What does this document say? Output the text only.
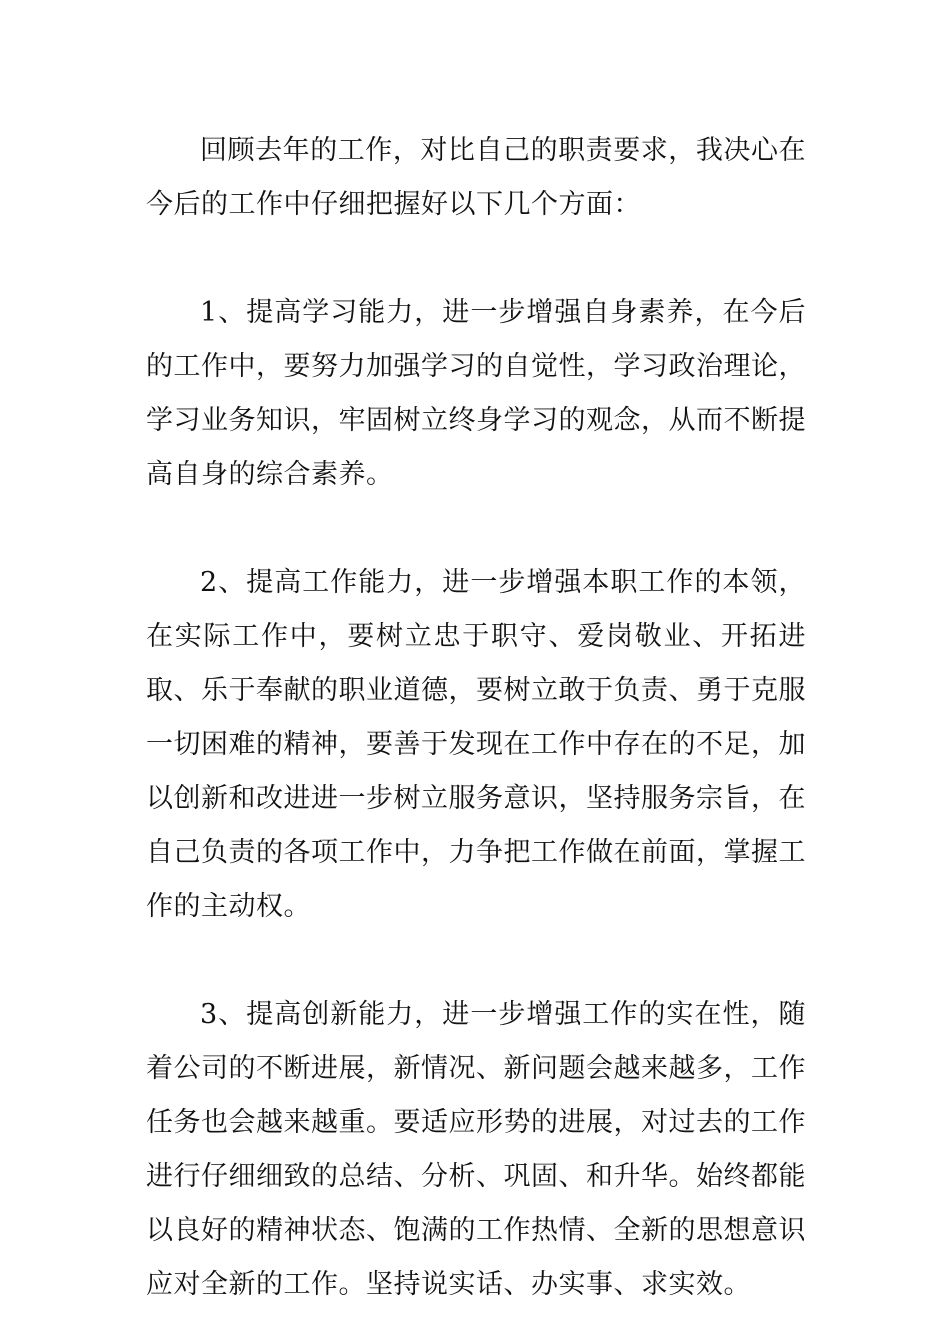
回顾去年的工作，对比自己的职责要求，我决心在今后的工作中仔细把握好以下几个方面：

1、提高学习能力，进一步增强自身素养，在今后的工作中，要努力加强学习的自觉性，学习政治理论，学习业务知识，牢固树立终身学习的观念，从而不断提高自身的综合素养。

2、提高工作能力，进一步增强本职工作的本领，在实际工作中，要树立忠于职守、爱岗敬业、开拓进取、乐于奉献的职业道德，要树立敢于负责、勇于克服一切困难的精神，要善于发现在工作中存在的不足，加以创新和改进进一步树立服务意识，坚持服务宗旨，在自己负责的各项工作中，力争把工作做在前面，掌握工作的主动权。

3、提高创新能力，进一步增强工作的实在性，随着公司的不断进展，新情况、新问题会越来越多，工作任务也会越来越重。要适应形势的进展，对过去的工作进行仔细细致的总结、分析、巩固、和升华。始终都能以良好的精神状态、饱满的工作热情、全新的思想意识应对全新的工作。坚持说实话、办实事、求实效。
